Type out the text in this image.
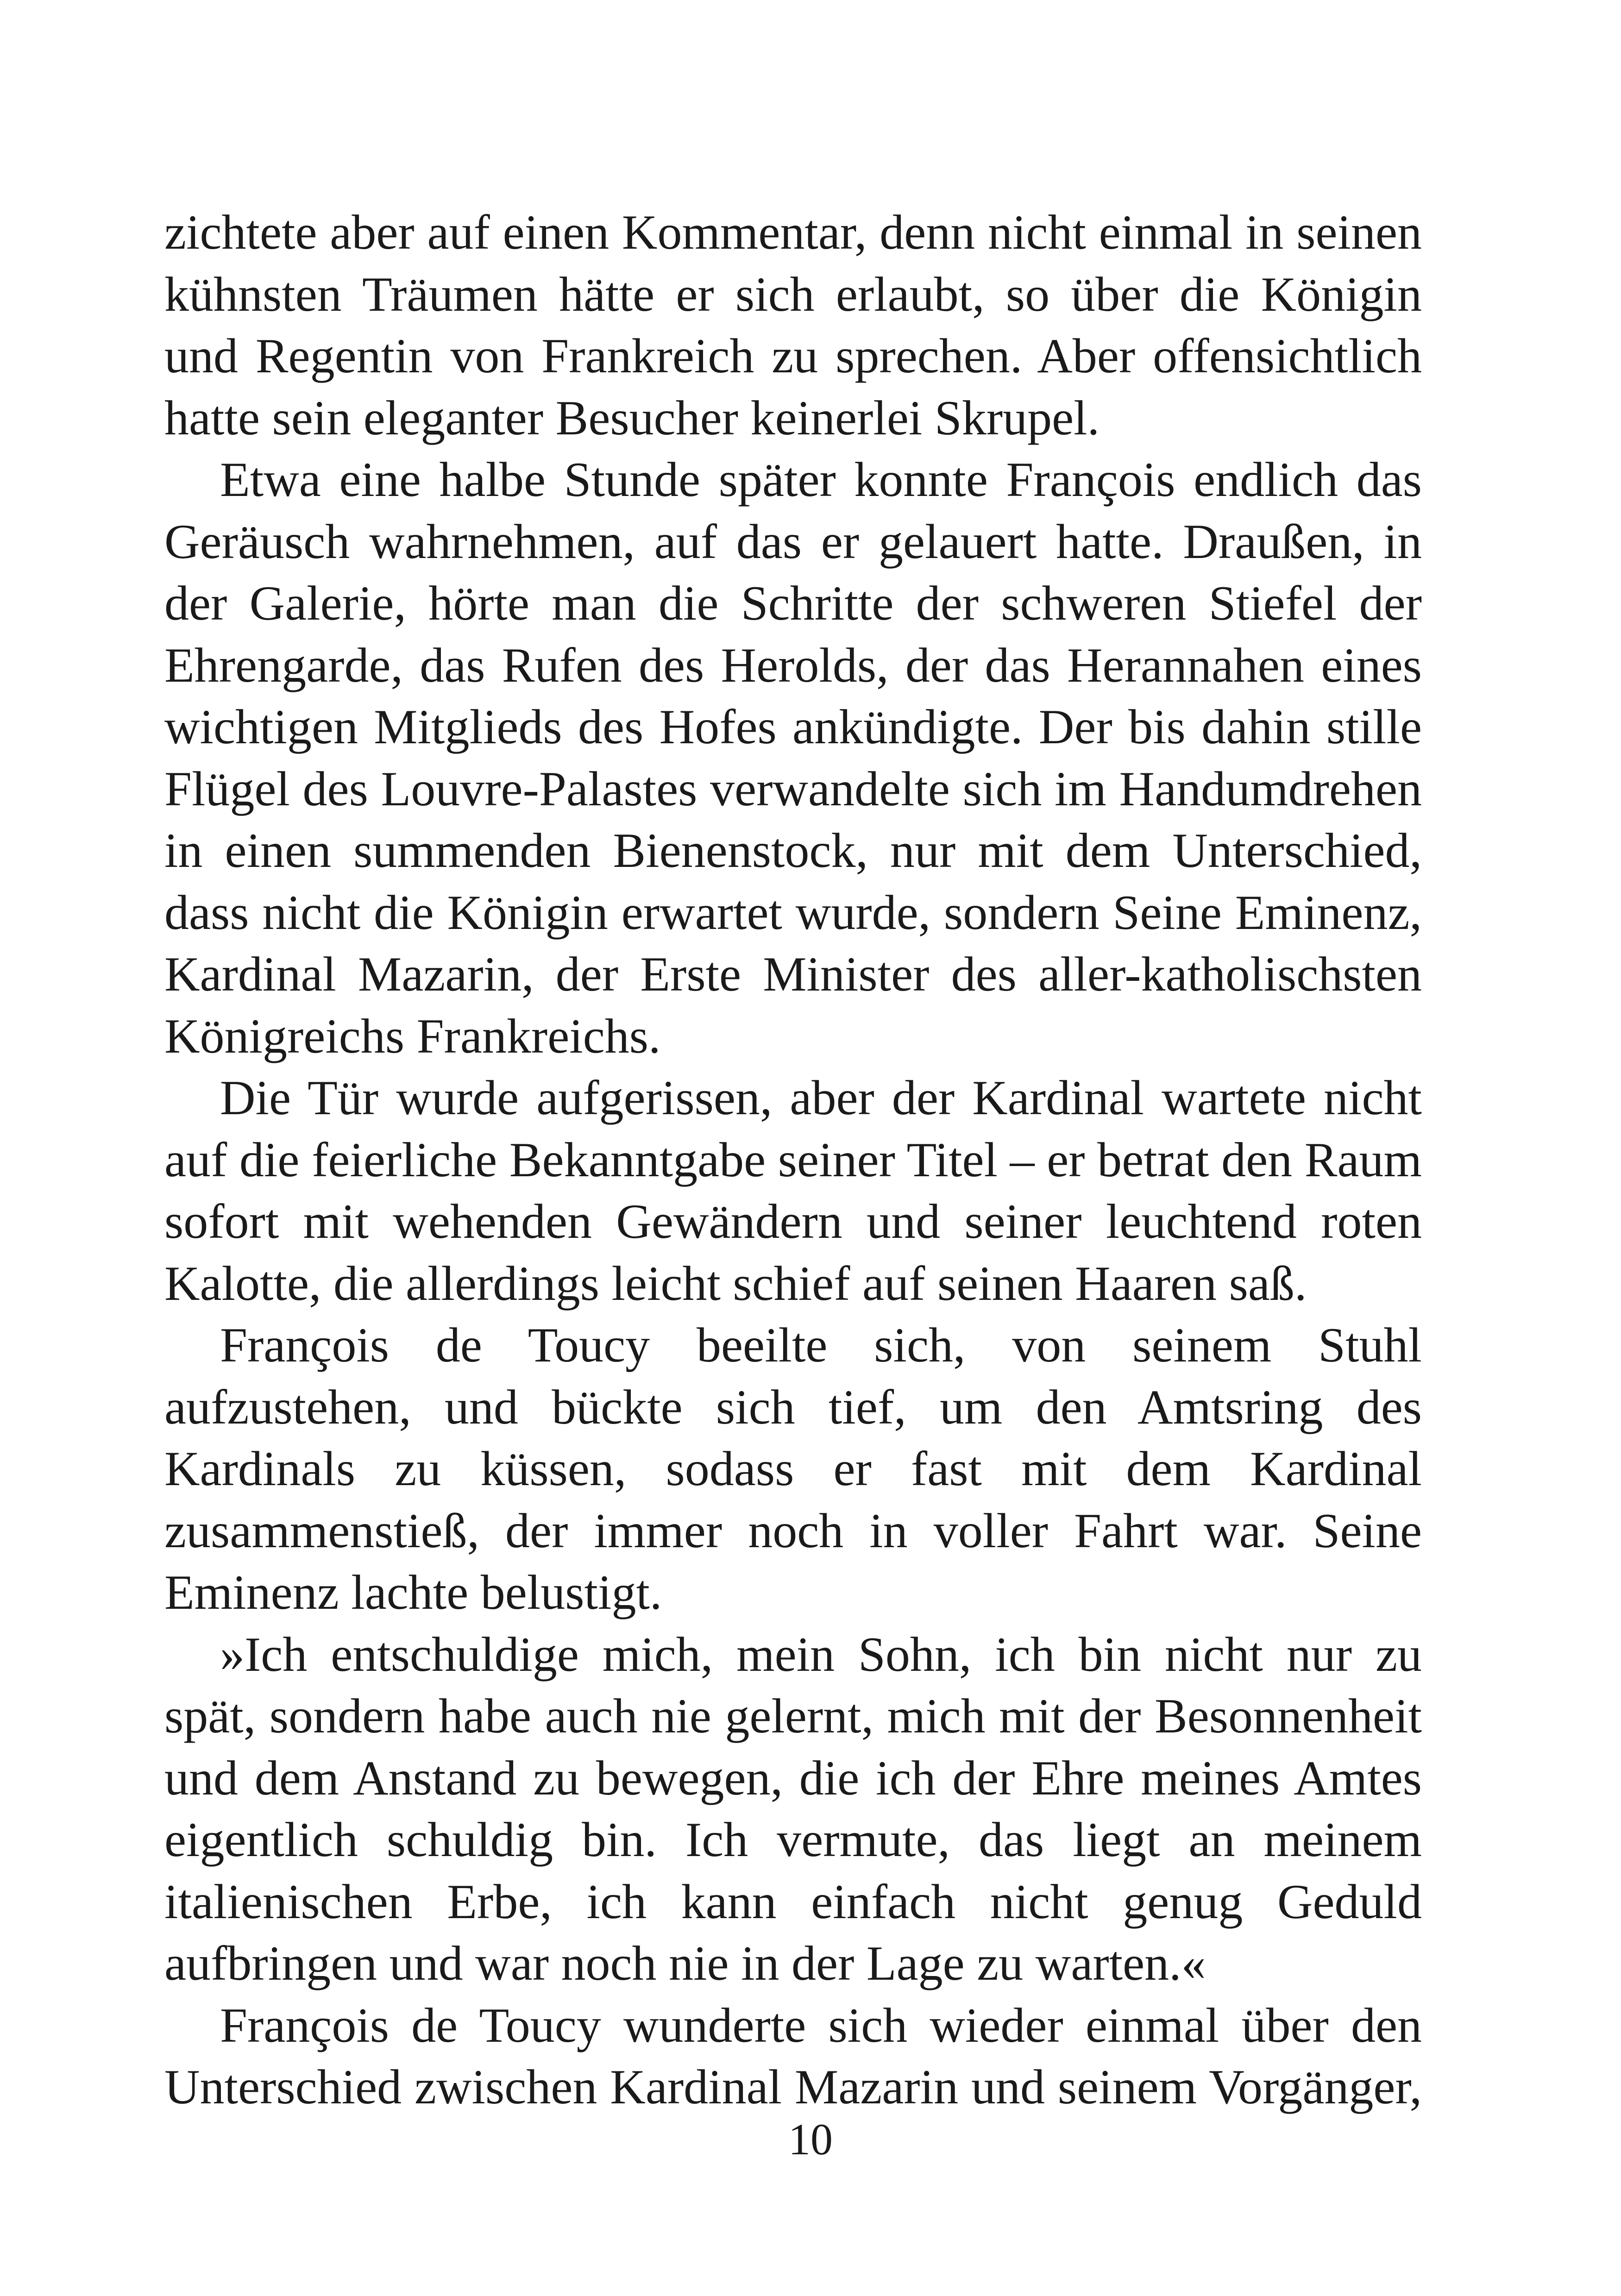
zichtete aber auf einen Kommentar, denn nicht einmal in seinen kühnsten Träumen hätte er sich erlaubt, so über die Königin und Regentin von Frankreich zu sprechen. Aber offensichtlich hatte sein eleganter Besucher keinerlei Skrupel.

Etwa eine halbe Stunde später konnte François endlich das Geräusch wahrnehmen, auf das er gelauert hatte. Draußen, in der Galerie, hörte man die Schritte der schweren Stiefel der Ehrengarde, das Rufen des Herolds, der das Herannahen eines wichtigen Mitglieds des Hofes ankündigte. Der bis dahin stille Flügel des Louvre-Palastes verwandelte sich im Handumdrehen in einen summenden Bienenstock, nur mit dem Unterschied, dass nicht die Königin erwartet wurde, sondern Seine Eminenz, Kardinal Mazarin, der Erste Minister des aller-katholischsten Königreichs Frankreichs.

Die Tür wurde aufgerissen, aber der Kardinal wartete nicht auf die feierliche Bekanntgabe seiner Titel – er betrat den Raum sofort mit wehenden Gewändern und seiner leuchtend roten Kalotte, die allerdings leicht schief auf seinen Haaren saß.

François de Toucy beeilte sich, von seinem Stuhl aufzustehen, und bückte sich tief, um den Amtsring des Kardinals zu küssen, sodass er fast mit dem Kardinal zusammenstieß, der immer noch in voller Fahrt war. Seine Eminenz lachte belustigt.

»Ich entschuldige mich, mein Sohn, ich bin nicht nur zu spät, sondern habe auch nie gelernt, mich mit der Besonnenheit und dem Anstand zu bewegen, die ich der Ehre meines Amtes eigentlich schuldig bin. Ich vermute, das liegt an meinem italienischen Erbe, ich kann einfach nicht genug Geduld aufbringen und war noch nie in der Lage zu warten.«

François de Toucy wunderte sich wieder einmal über den Unterschied zwischen Kardinal Mazarin und seinem Vorgänger,

10
